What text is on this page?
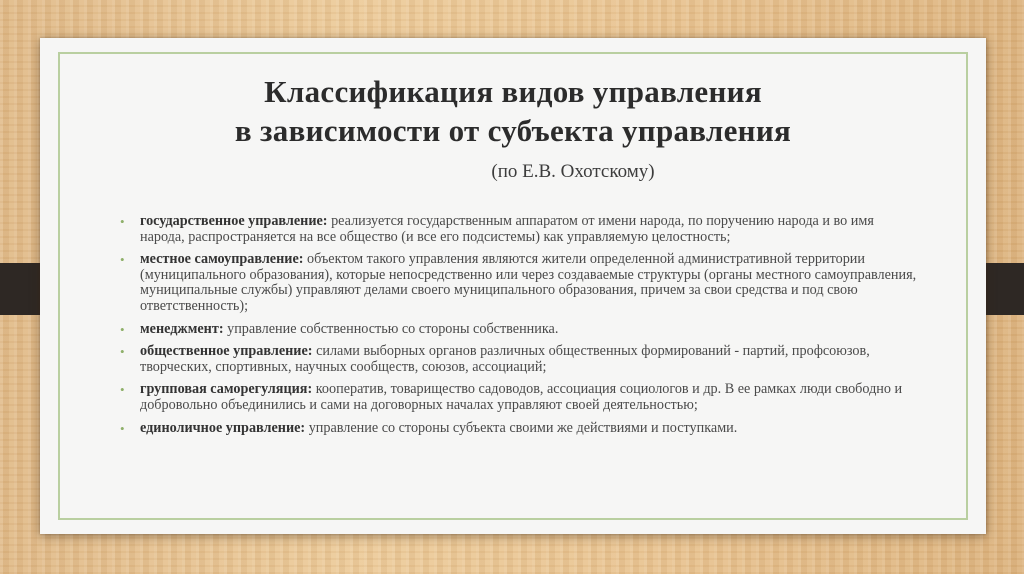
Классификация видов управления
в зависимости от субъекта управления
(по Е.В. Охотскому)
• государственное управление: реализуется государственным аппаратом от имени народа, по поручению народа и во имя народа, распространяется на все общество (и все его подсистемы) как управляемую целостность;
• местное самоуправление: объектом такого управления являются жители определенной административной территории (муниципального образования), которые непосредственно или через создаваемые структуры (органы местного самоуправления, муниципальные службы) управляют делами своего муниципального образования, причем за свои средства и под свою ответственность);
• менеджмент: управление собственностью со стороны собственника.
• общественное управление: силами выборных органов различных общественных формирований - партий, профсоюзов, творческих, спортивных, научных сообществ, союзов, ассоциаций;
• групповая саморегуляция: кооператив, товарищество садоводов, ассоциация социологов и др. В ее рамках люди свободно и добровольно объединились и сами на договорных началах управляют своей деятельностью;
• единоличное управление: управление со стороны субъекта своими же действиями и поступками.
